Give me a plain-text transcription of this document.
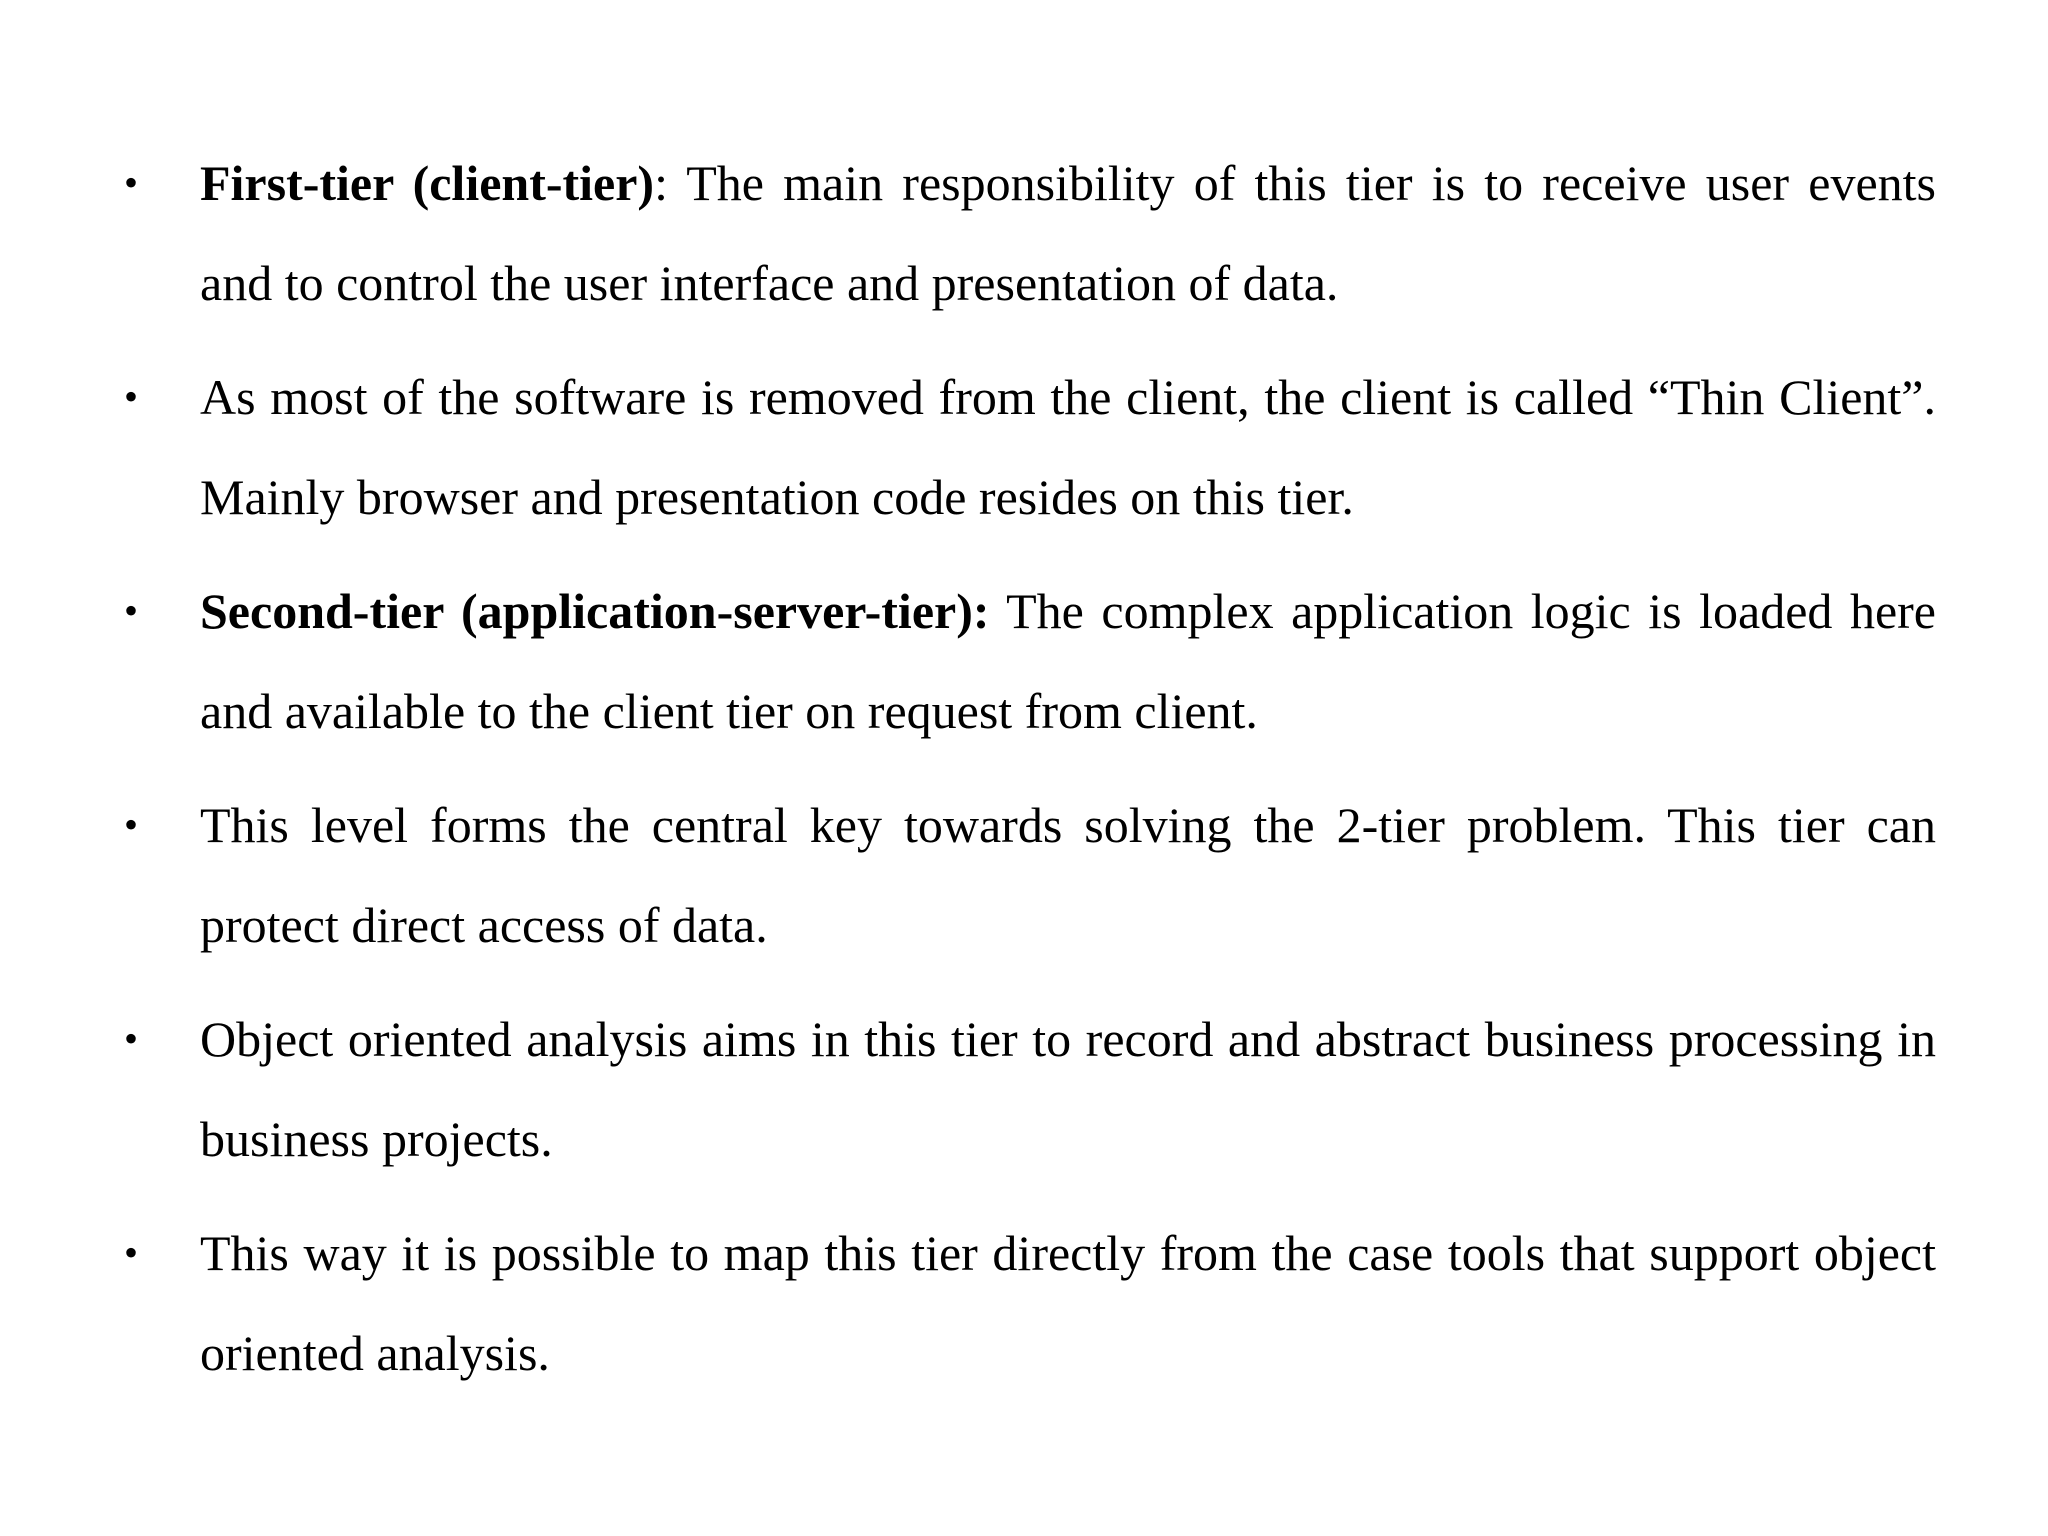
• First-tier (client-tier): The main responsibility of this tier is to receive user events and to control the user interface and presentation of data.

• As most of the software is removed from the client, the client is called “Thin Client”. Mainly browser and presentation code resides on this tier.

• Second-tier (application-server-tier): The complex application logic is loaded here and available to the client tier on request from client.

• This level forms the central key towards solving the 2-tier problem. This tier can protect direct access of data.

• Object oriented analysis aims in this tier to record and abstract business processing in business projects.

• This way it is possible to map this tier directly from the case tools that support object oriented analysis.
